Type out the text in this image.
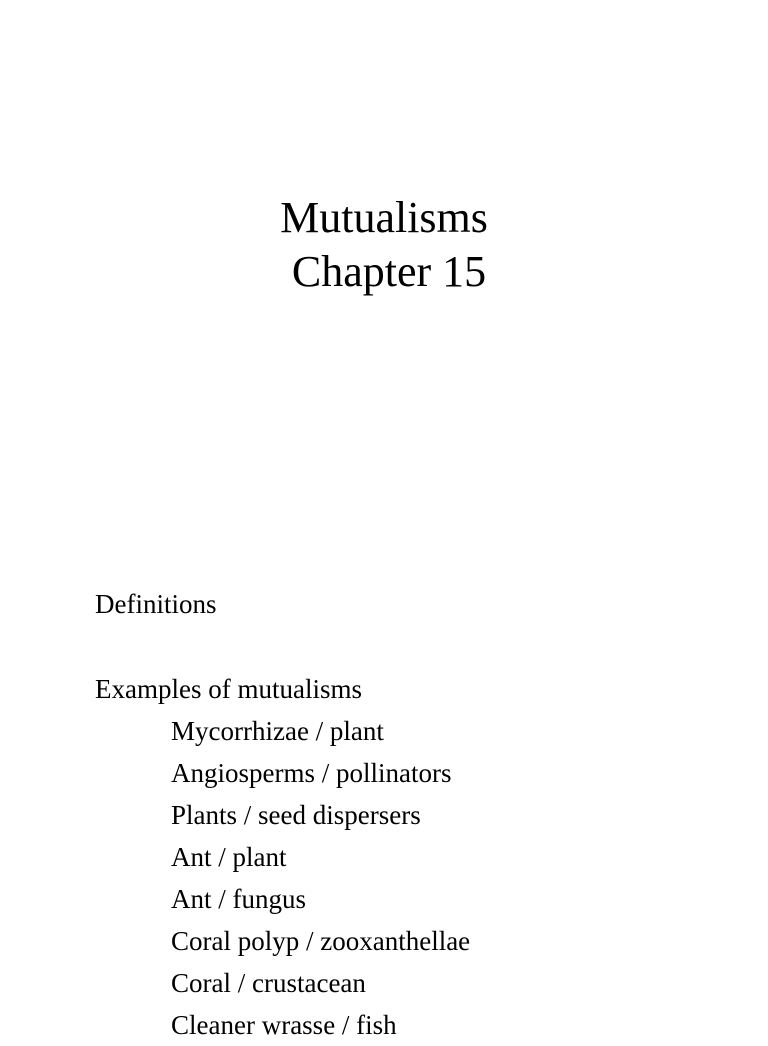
Mutualisms
Chapter 15
Definitions
Examples of mutualisms
Mycorrhizae / plant
Angiosperms / pollinators
Plants / seed dispersers
Ant / plant
Ant / fungus
Coral polyp / zooxanthellae
Coral / crustacean
Cleaner wrasse / fish
